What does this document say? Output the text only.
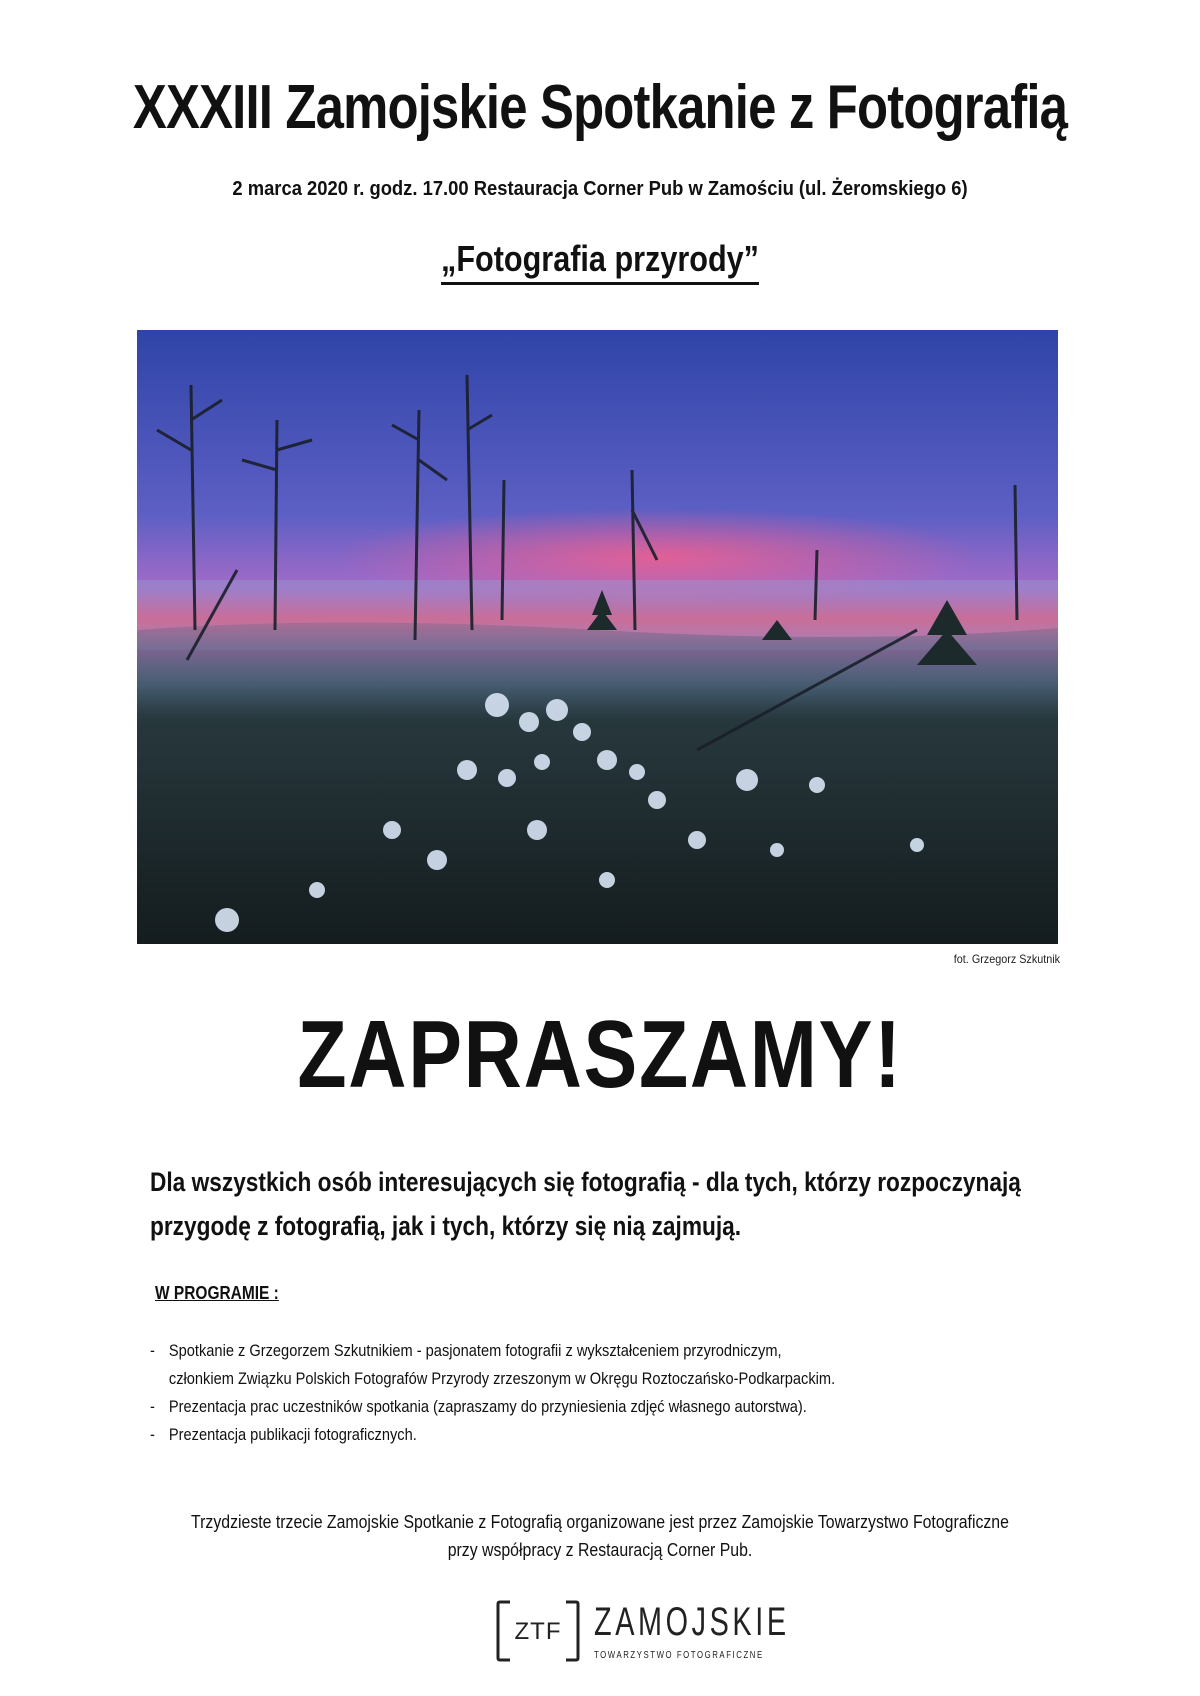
XXXIII Zamojskie Spotkanie z Fotografią
2 marca 2020 r. godz. 17.00 Restauracja Corner Pub w Zamościu (ul. Żeromskiego 6)
„Fotografia przyrody”
fot. Grzegorz Szkutnik
ZAPRASZAMY!
Dla wszystkich osób interesujących się fotografią - dla tych, którzy rozpoczynają
przygodę z fotografią, jak i tych, którzy się nią zajmują.
W PROGRAMIE :
- Spotkanie z Grzegorzem Szkutnikiem - pasjonatem fotografii z wykształceniem przyrodniczym,
członkiem Związku Polskich Fotografów Przyrody zrzeszonym w Okręgu Roztoczańsko-Podkarpackim.
- Prezentacja prac uczestników spotkania (zapraszamy do przyniesienia zdjęć własnego autorstwa).
- Prezentacja publikacji fotograficznych.
Trzydzieste trzecie Zamojskie Spotkanie z Fotografią organizowane jest przez Zamojskie Towarzystwo Fotograficzne
przy współpracy z Restauracją Corner Pub.
ZTF ZAMOJSKIE
TOWARZYSTWO FOTOGRAFICZNE
